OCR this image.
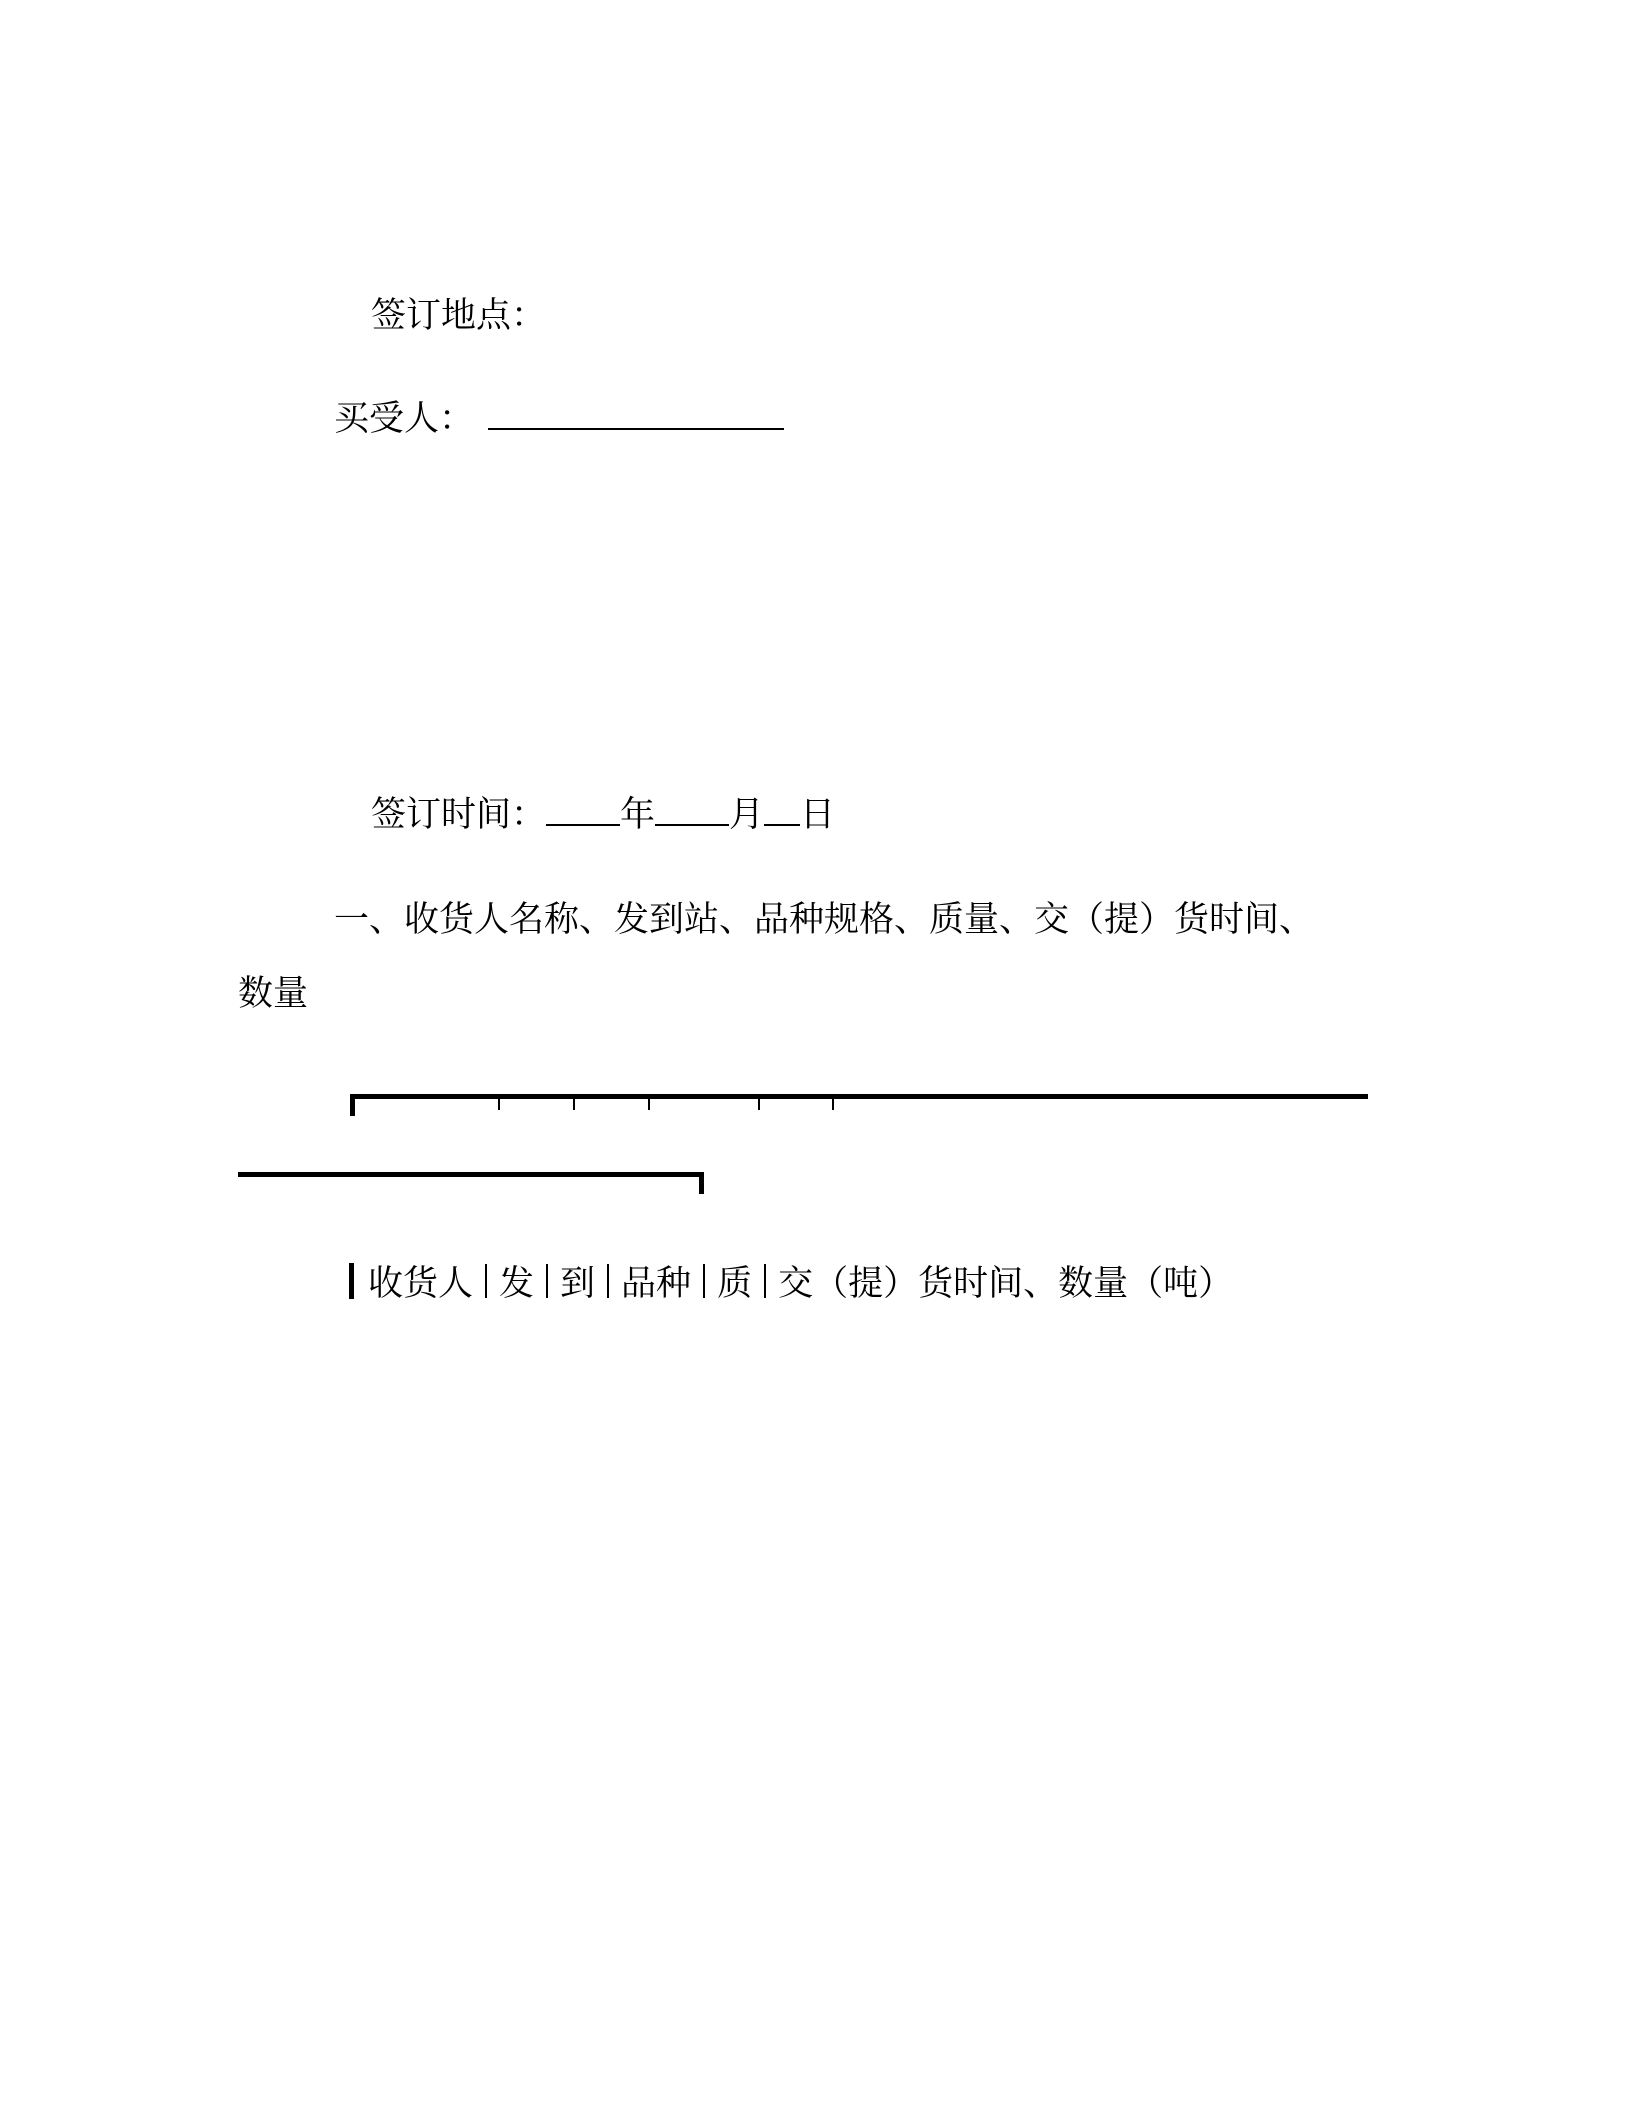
签订地点：
买受人：
签订时间： 年 月 日
一、收货人名称、发到站、品种规格、质量、交（提）货时间、
数量
收货人 发 到 品种 质 交（提）货时间、数量（吨）
